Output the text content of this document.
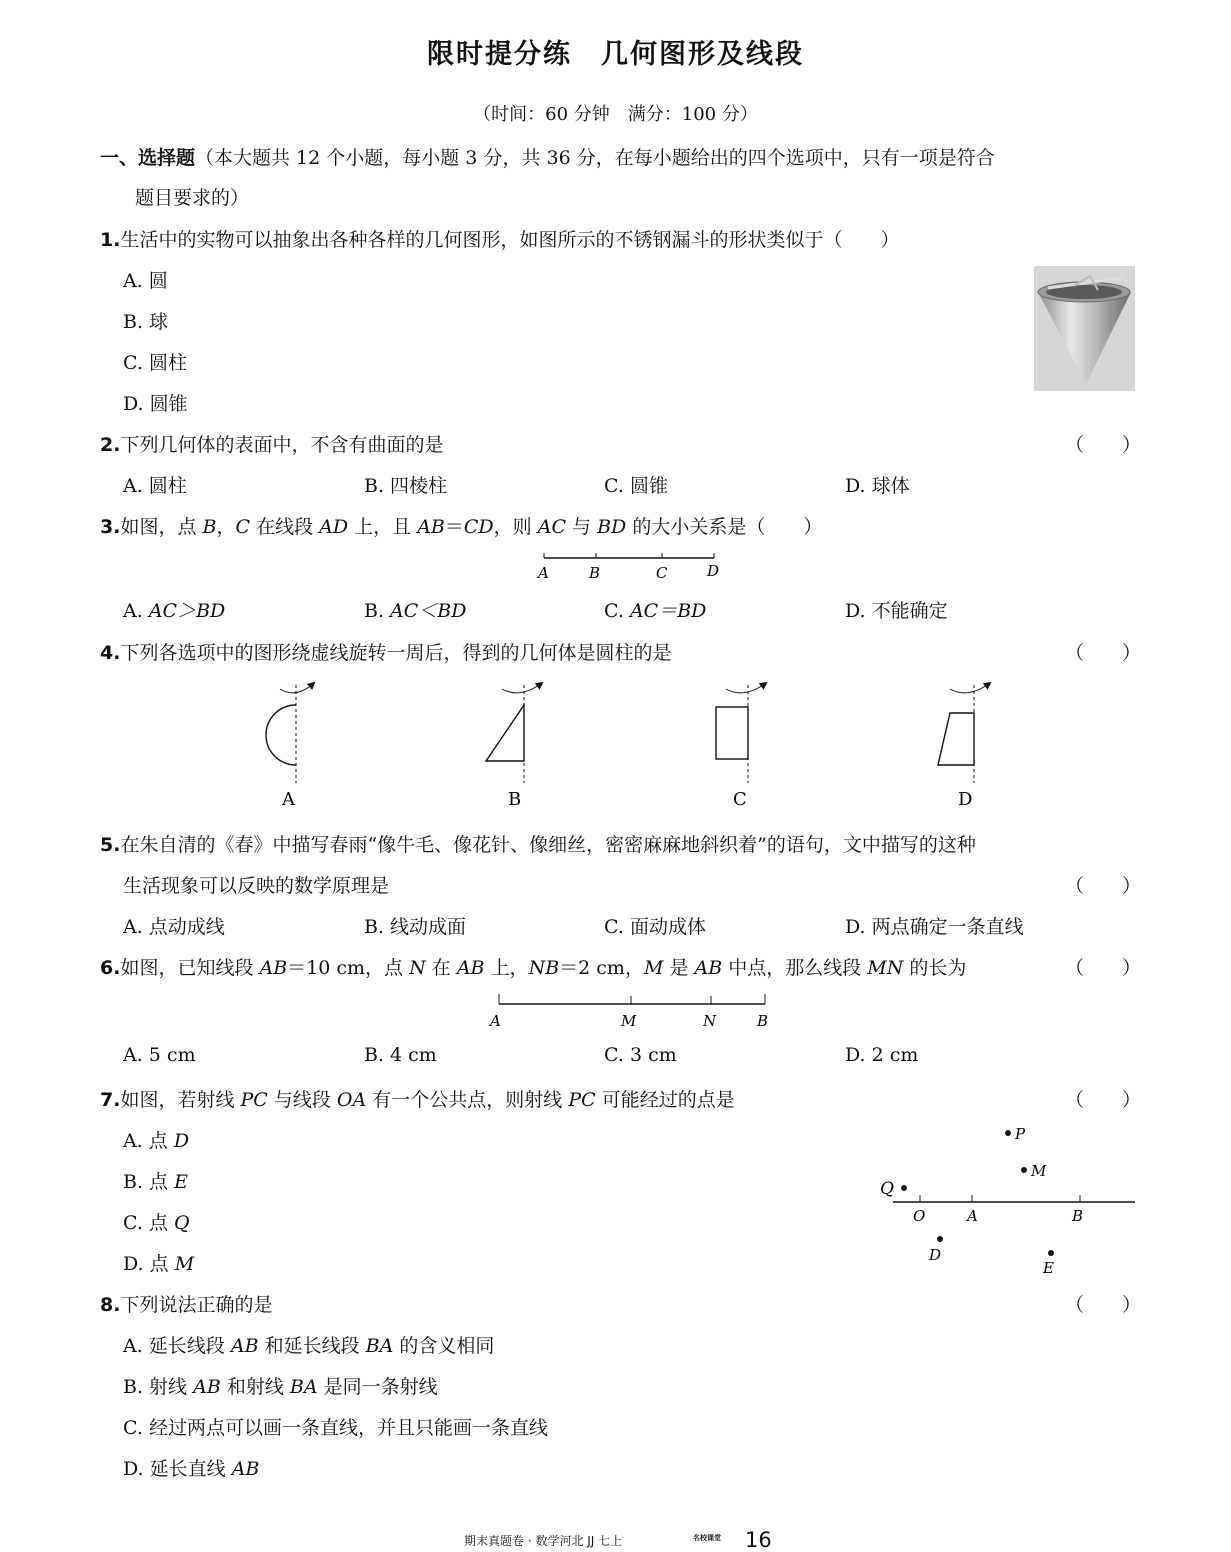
限时提分练　几何图形及线段
（时间：60 分钟　满分：100 分）
一、选择题（本大题共 12 个小题，每小题 3 分，共 36 分，在每小题给出的四个选项中，只有一项是符合
题目要求的）
1.生活中的实物可以抽象出各种各样的几何图形，如图所示的不锈钢漏斗的形状类似于（　　）
A. 圆
B. 球
C. 圆柱
D. 圆锥
2.下列几何体的表面中，不含有曲面的是	（　　）
A. 圆柱	B. 四棱柱	C. 圆锥	D. 球体
3.如图，点 B，C 在线段 AD 上，且 AB＝CD，则 AC 与 BD 的大小关系是（　　）
A	B	C	D
A. AC＞BD	B. AC＜BD	C. AC＝BD	D. 不能确定
4.下列各选项中的图形绕虚线旋转一周后，得到的几何体是圆柱的是	（　　）
A	B	C	D
5.在朱自清的《春》中描写春雨“像牛毛、像花针、像细丝，密密麻麻地斜织着”的语句，文中描写的这种
生活现象可以反映的数学原理是	（　　）
A. 点动成线	B. 线动成面	C. 面动成体	D. 两点确定一条直线
6.如图，已知线段 AB＝10 cm，点 N 在 AB 上，NB＝2 cm，M 是 AB 中点，那么线段 MN 的长为	（　　）
A	M	N	B
A. 5 cm	B. 4 cm	C. 3 cm	D. 2 cm
7.如图，若射线 PC 与线段 OA 有一个公共点，则射线 PC 可能经过的点是	（　　）
A. 点 D
B. 点 E
C. 点 Q
D. 点 M
P
M
Q
O	A	B
D
E
8.下列说法正确的是	（　　）
A. 延长线段 AB 和延长线段 BA 的含义相同
B. 射线 AB 和射线 BA 是同一条射线
C. 经过两点可以画一条直线，并且只能画一条直线
D. 延长直线 AB
期末真题卷 · 数学河北 JJ 七上	名校课堂 16
